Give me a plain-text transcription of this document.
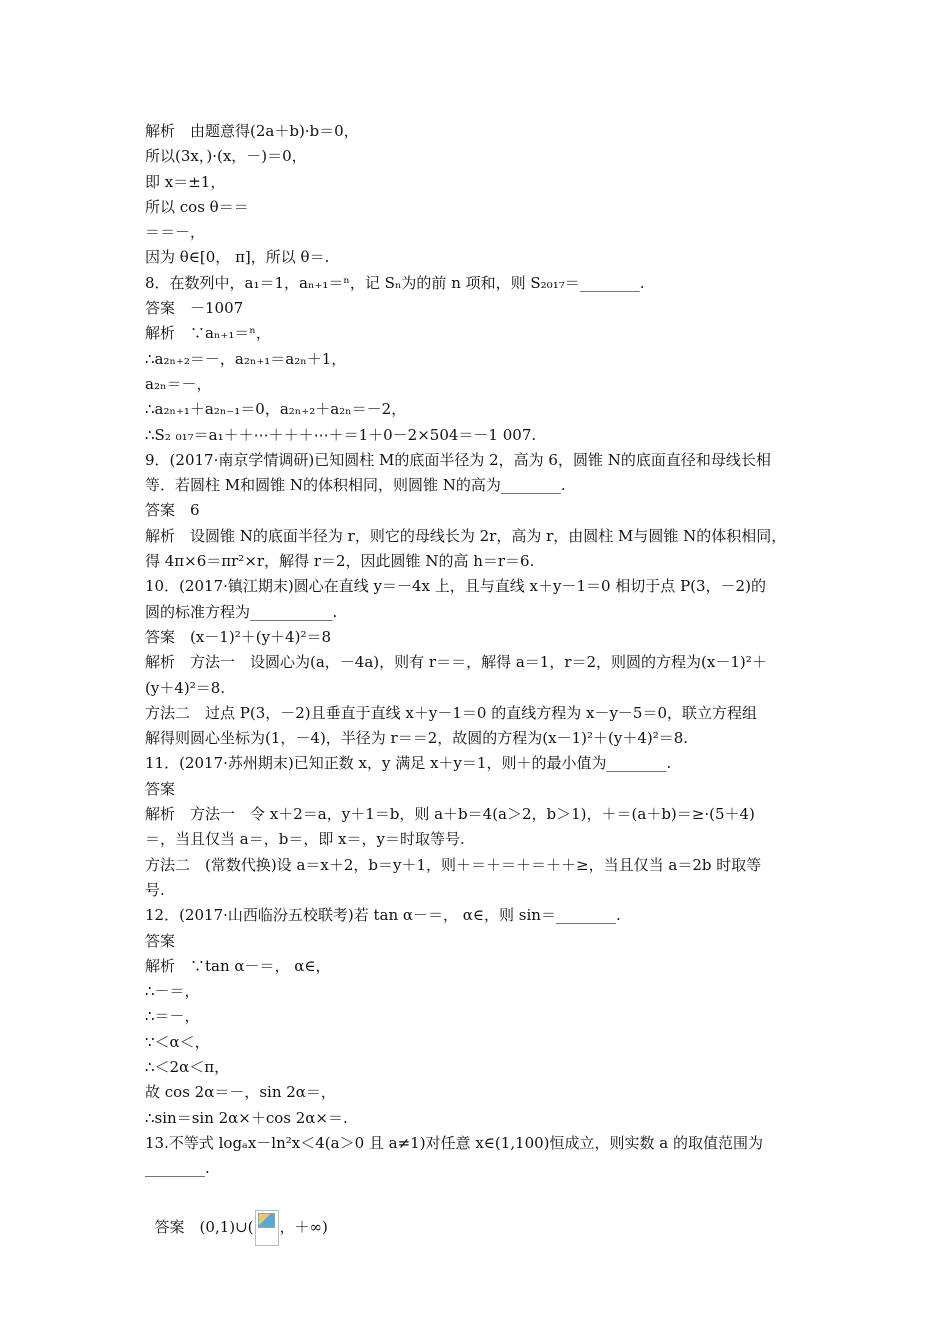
解析　由题意得(2a＋b)·b＝0，
所以(3x，)·(x，－)＝0，
即 x＝±1，
所以 cos θ＝＝
＝＝－，
因为 θ∈[0， π]，所以 θ＝.
8．在数列中，a₁＝1，aₙ₊₁＝ⁿ，记 Sₙ为的前 n 项和，则 S₂₀₁₇＝________.
答案　－1007
解析　∵aₙ₊₁＝ⁿ，
∴a₂ₙ₊₂＝－，a₂ₙ₊₁＝a₂ₙ＋1，
a₂ₙ＝－，
∴a₂ₙ₊₁＋a₂ₙ₋₁＝0，a₂ₙ₊₂＋a₂ₙ＝－2，
∴S₂ ₀₁₇＝a₁＋＋⋯＋＋＋⋯＋＝1＋0－2×504＝－1 007.
9．(2017·南京学情调研)已知圆柱 M的底面半径为 2，高为 6，圆锥 N的底面直径和母线长相
等．若圆柱 M和圆锥 N的体积相同，则圆锥 N的高为________.
答案　6
解析　设圆锥 N的底面半径为 r，则它的母线长为 2r，高为 r，由圆柱 M与圆锥 N的体积相同，
得 4π×6＝πr²×r，解得 r＝2，因此圆锥 N的高 h＝r＝6.
10．(2017·镇江期末)圆心在直线 y＝－4x 上，且与直线 x＋y－1＝0 相切于点 P(3，－2)的
圆的标准方程为___________.
答案　(x－1)²＋(y＋4)²＝8
解析　方法一　设圆心为(a，－4a)，则有 r＝＝，解得 a＝1，r＝2，则圆的方程为(x－1)²＋
(y＋4)²＝8.
方法二　过点 P(3，－2)且垂直于直线 x＋y－1＝0 的直线方程为 x－y－5＝0，联立方程组
解得则圆心坐标为(1，－4)，半径为 r＝＝2，故圆的方程为(x－1)²＋(y＋4)²＝8.
11．(2017·苏州期末)已知正数 x，y 满足 x＋y＝1，则＋的最小值为________.
答案
解析　方法一　令 x＋2＝a，y＋1＝b，则 a＋b＝4(a＞2，b＞1)，＋＝(a＋b)＝≥·(5＋4)
＝，当且仅当 a＝，b＝，即 x＝，y＝时取等号.
方法二　(常数代换)设 a＝x＋2，b＝y＋1，则＋＝＋＝＋＝＋＋≥，当且仅当 a＝2b 时取等
号.
12．(2017·山西临汾五校联考)若 tan α－＝， α∈，则 sin＝________.
答案
解析　∵tan α－＝， α∈，
∴－＝，
∴＝－，
∵＜α＜，
∴＜2α＜π，
故 cos 2α＝－，sin 2α＝，
∴sin＝sin 2α×＋cos 2α×＝.
13.不等式 logₐx－ln²x＜4(a＞0 且 a≠1)对任意 x∈(1,100)恒成立，则实数 a 的取值范围为
________.

答案　(0,1)∪( ，＋∞)
